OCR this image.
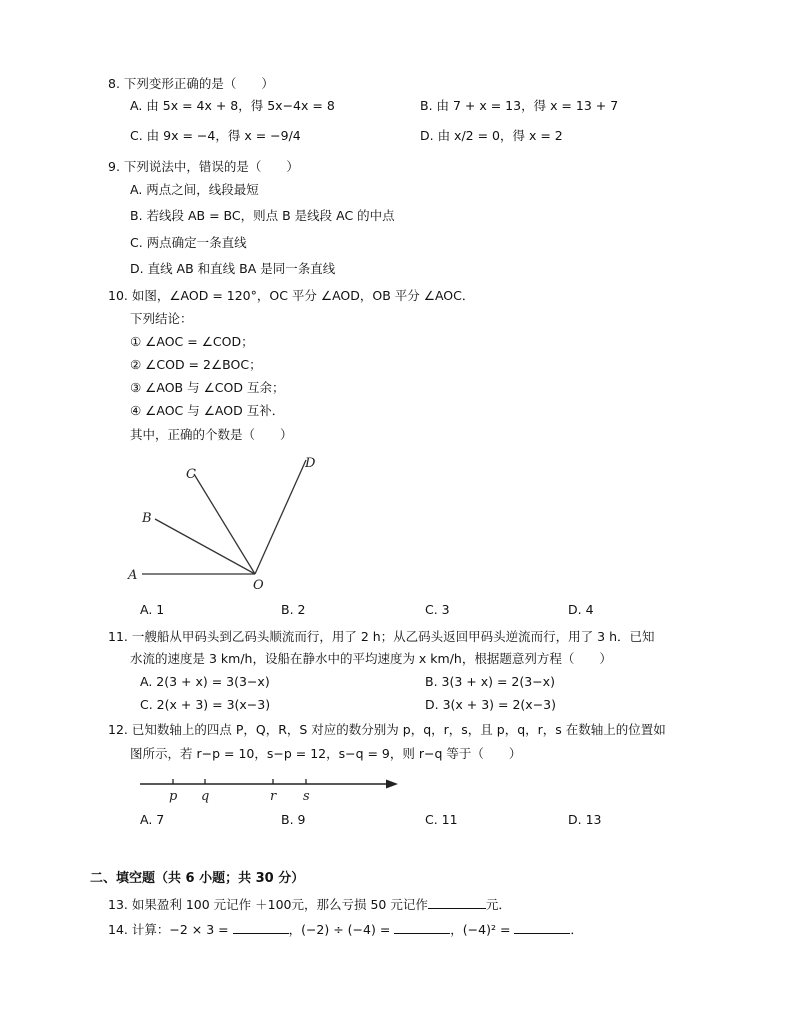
8. 下列变形正确的是（　　）
A. 由 5x = 4x + 8，得 5x−4x = 8	B. 由 7 + x = 13，得 x = 13 + 7
C. 由 9x = −4，得 x = −9/4	D. 由 x/2 = 0，得 x = 2
9. 下列说法中，错误的是（　　）
A. 两点之间，线段最短
B. 若线段 AB = BC，则点 B 是线段 AC 的中点
C. 两点确定一条直线
D. 直线 AB 和直线 BA 是同一条直线
10. 如图，∠AOD = 120°，OC 平分 ∠AOD，OB 平分 ∠AOC．
下列结论：
① ∠AOC = ∠COD；
② ∠COD = 2∠BOC；
③ ∠AOB 与 ∠COD 互余；
④ ∠AOC 与 ∠AOD 互补．
其中，正确的个数是（　　）
A
B
C
D
O
A. 1	B. 2	C. 3	D. 4
11. 一艘船从甲码头到乙码头顺流而行，用了 2 h；从乙码头返回甲码头逆流而行，用了 3 h．已知
水流的速度是 3 km/h，设船在静水中的平均速度为 x km/h，根据题意列方程（　　）
A. 2(3 + x) = 3(3−x)	B. 3(3 + x) = 2(3−x)
C. 2(x + 3) = 3(x−3)	D. 3(x + 3) = 2(x−3)
12. 已知数轴上的四点 P，Q，R，S 对应的数分别为 p，q，r，s，且 p，q，r，s 在数轴上的位置如
图所示，若 r−p = 10，s−p = 12，s−q = 9，则 r−q 等于（　　）
p q	r s
A. 7	B. 9	C. 11	D. 13
二、填空题（共 6 小题；共 30 分）
13. 如果盈利 100 元记作 ＋100元，那么亏损 50 元记作	元．
14. 计算：−2 × 3 =	，(−2) ÷ (−4) =	，(−4)² =	．
